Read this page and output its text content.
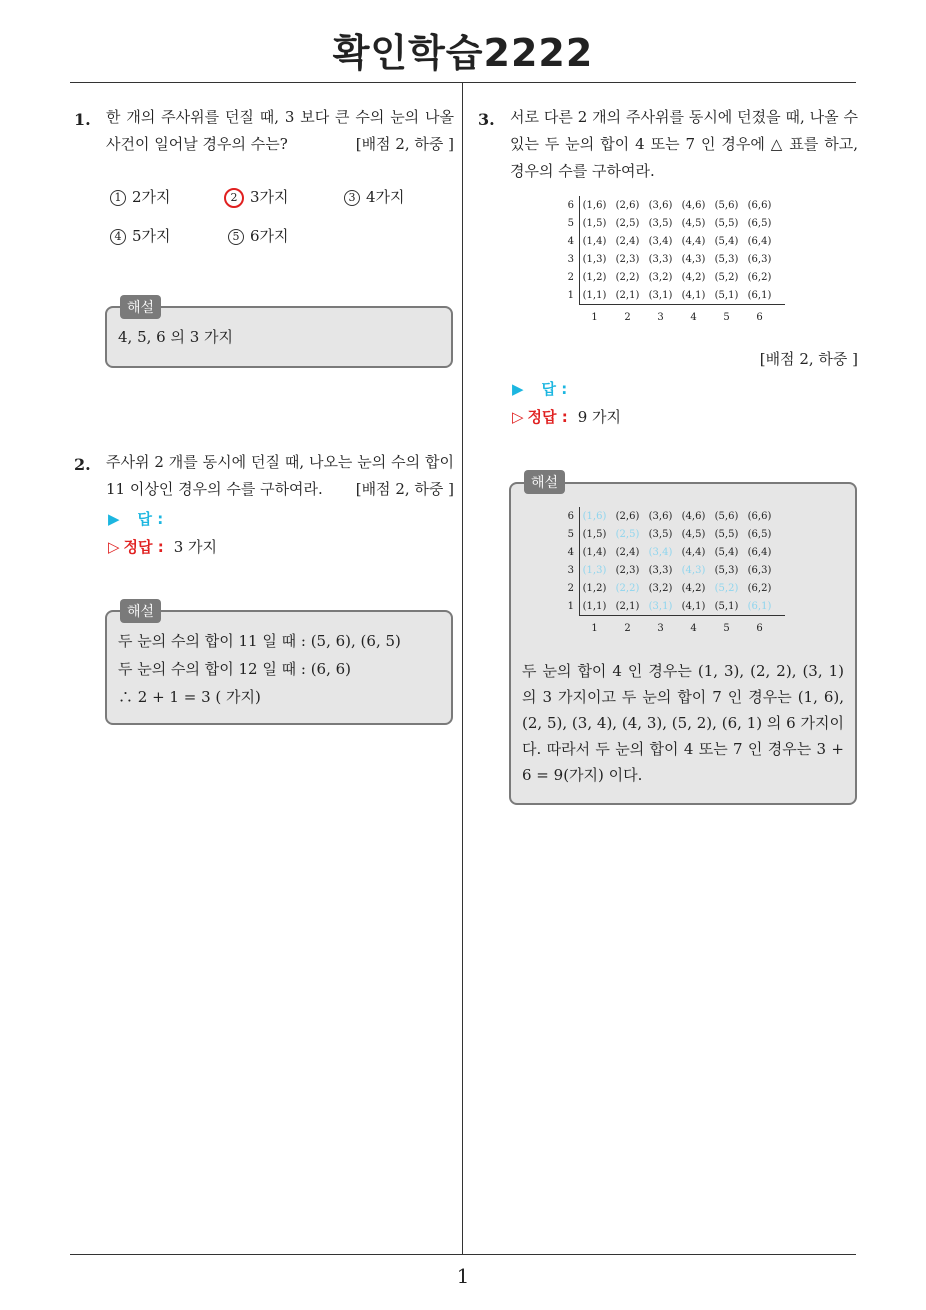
확인학습2222
1. 한 개의 주사위를 던질 때, 3 보다 큰 수의 눈의 나올 사건이 일어날 경우의 수는?	[배점 2, 하중 ]
1 2가지	2 3가지	3 4가지
4 5가지	5 6가지
해설
4, 5, 6 의 3 가지
2. 주사위 2 개를 동시에 던질 때, 나오는 눈의 수의 합이 11 이상인 경우의 수를 구하여라. [배점 2, 하중 ]
▶ 답 :
▷ 정답 : 3 가지
해설
두 눈의 수의 합이 11 일 때 : (5, 6), (6, 5)
두 눈의 수의 합이 12 일 때 : (6, 6)
∴ 2 + 1 = 3 ( 가지)
3. 서로 다른 2 개의 주사위를 동시에 던졌을 때, 나올 수 있는 두 눈의 합이 4 또는 7 인 경우에 △ 표를 하고, 경우의 수를 구하여라.
6	(1,6)	(2,6)	(3,6)	(4,6)	(5,6)	(6,6)
5	(1,5)	(2,5)	(3,5)	(4,5)	(5,5)	(6,5)
4	(1,4)	(2,4)	(3,4)	(4,4)	(5,4)	(6,4)
3	(1,3)	(2,3)	(3,3)	(4,3)	(5,3)	(6,3)
2	(1,2)	(2,2)	(3,2)	(4,2)	(5,2)	(6,2)
1	(1,1)	(2,1)	(3,1)	(4,1)	(5,1)	(6,1)
	1	2	3	4	5	6
[배점 2, 하중 ]
▶ 답 :
▷ 정답 : 9 가지
해설
6	(1,6)	(2,6)	(3,6)	(4,6)	(5,6)	(6,6)
5	(1,5)	(2,5)	(3,5)	(4,5)	(5,5)	(6,5)
4	(1,4)	(2,4)	(3,4)	(4,4)	(5,4)	(6,4)
3	(1,3)	(2,3)	(3,3)	(4,3)	(5,3)	(6,3)
2	(1,2)	(2,2)	(3,2)	(4,2)	(5,2)	(6,2)
1	(1,1)	(2,1)	(3,1)	(4,1)	(5,1)	(6,1)
	1	2	3	4	5	6
두 눈의 합이 4 인 경우는 (1, 3), (2, 2), (3, 1) 의 3 가지이고 두 눈의 합이 7 인 경우는 (1, 6), (2, 5), (3, 4), (4, 3), (5, 2), (6, 1) 의 6 가지이다. 따라서 두 눈의 합이 4 또는 7 인 경우는 3 + 6 = 9(가지) 이다.
1
